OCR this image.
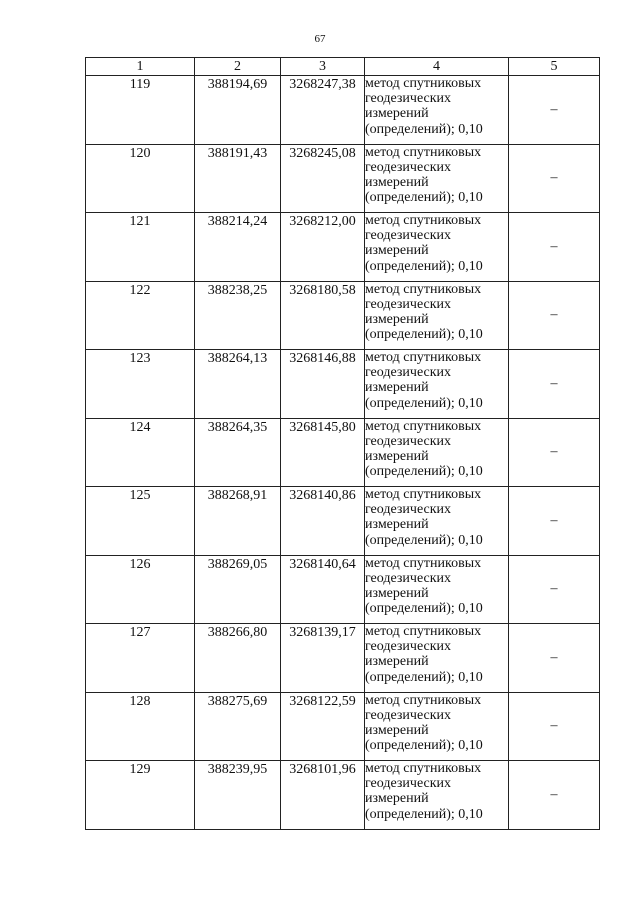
67
1	2	3	4	5
119	388194,69	3268247,38	метод спутниковых
геодезических
измерений
(определений); 0,10	–
120	388191,43	3268245,08	метод спутниковых
геодезических
измерений
(определений); 0,10	–
121	388214,24	3268212,00	метод спутниковых
геодезических
измерений
(определений); 0,10	–
122	388238,25	3268180,58	метод спутниковых
геодезических
измерений
(определений); 0,10	–
123	388264,13	3268146,88	метод спутниковых
геодезических
измерений
(определений); 0,10	–
124	388264,35	3268145,80	метод спутниковых
геодезических
измерений
(определений); 0,10	–
125	388268,91	3268140,86	метод спутниковых
геодезических
измерений
(определений); 0,10	–
126	388269,05	3268140,64	метод спутниковых
геодезических
измерений
(определений); 0,10	–
127	388266,80	3268139,17	метод спутниковых
геодезических
измерений
(определений); 0,10	–
128	388275,69	3268122,59	метод спутниковых
геодезических
измерений
(определений); 0,10	–
129	388239,95	3268101,96	метод спутниковых
геодезических
измерений
(определений); 0,10	–
